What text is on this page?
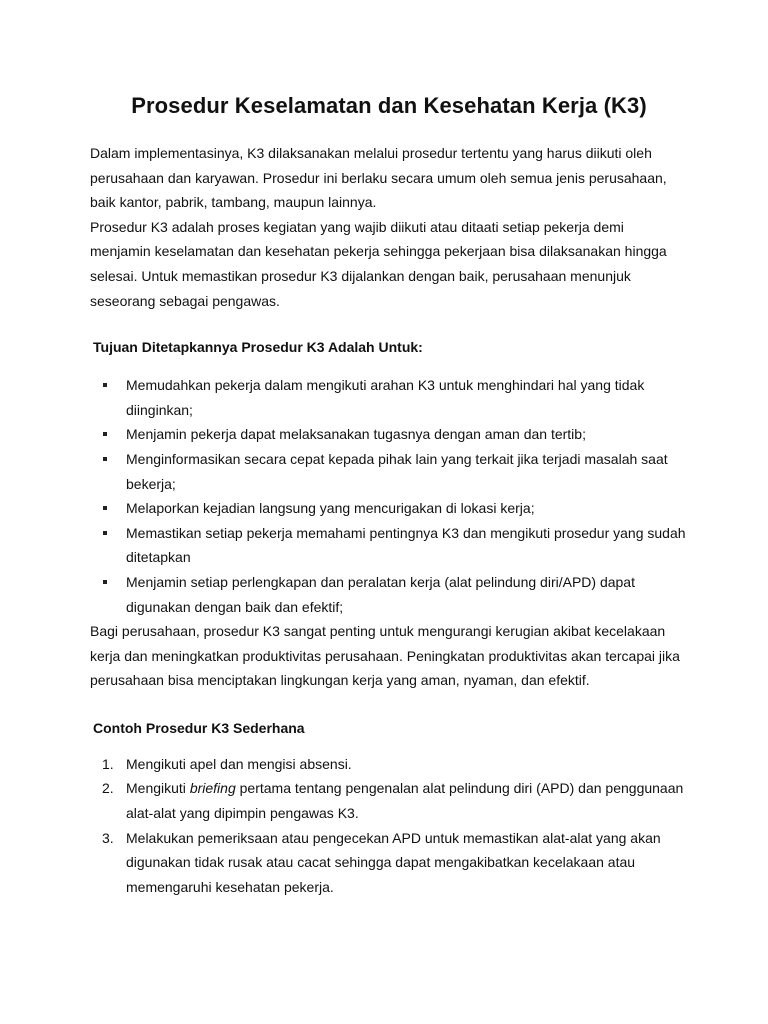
Prosedur Keselamatan dan Kesehatan Kerja (K3)

Dalam implementasinya, K3 dilaksanakan melalui prosedur tertentu yang harus diikuti oleh perusahaan dan karyawan. Prosedur ini berlaku secara umum oleh semua jenis perusahaan, baik kantor, pabrik, tambang, maupun lainnya.

Prosedur K3 adalah proses kegiatan yang wajib diikuti atau ditaati setiap pekerja demi menjamin keselamatan dan kesehatan pekerja sehingga pekerjaan bisa dilaksanakan hingga selesai. Untuk memastikan prosedur K3 dijalankan dengan baik, perusahaan menunjuk seseorang sebagai pengawas.

Tujuan Ditetapkannya Prosedur K3 Adalah Untuk:

Memudahkan pekerja dalam mengikuti arahan K3 untuk menghindari hal yang tidak diinginkan;
Menjamin pekerja dapat melaksanakan tugasnya dengan aman dan tertib;
Menginformasikan secara cepat kepada pihak lain yang terkait jika terjadi masalah saat bekerja;
Melaporkan kejadian langsung yang mencurigakan di lokasi kerja;
Memastikan setiap pekerja memahami pentingnya K3 dan mengikuti prosedur yang sudah ditetapkan
Menjamin setiap perlengkapan dan peralatan kerja (alat pelindung diri/APD) dapat digunakan dengan baik dan efektif;

Bagi perusahaan, prosedur K3 sangat penting untuk mengurangi kerugian akibat kecelakaan kerja dan meningkatkan produktivitas perusahaan. Peningkatan produktivitas akan tercapai jika perusahaan bisa menciptakan lingkungan kerja yang aman, nyaman, dan efektif.

Contoh Prosedur K3 Sederhana

1. Mengikuti apel dan mengisi absensi.
2. Mengikuti briefing pertama tentang pengenalan alat pelindung diri (APD) dan penggunaan alat-alat yang dipimpin pengawas K3.
3. Melakukan pemeriksaan atau pengecekan APD untuk memastikan alat-alat yang akan digunakan tidak rusak atau cacat sehingga dapat mengakibatkan kecelakaan atau memengaruhi kesehatan pekerja.
